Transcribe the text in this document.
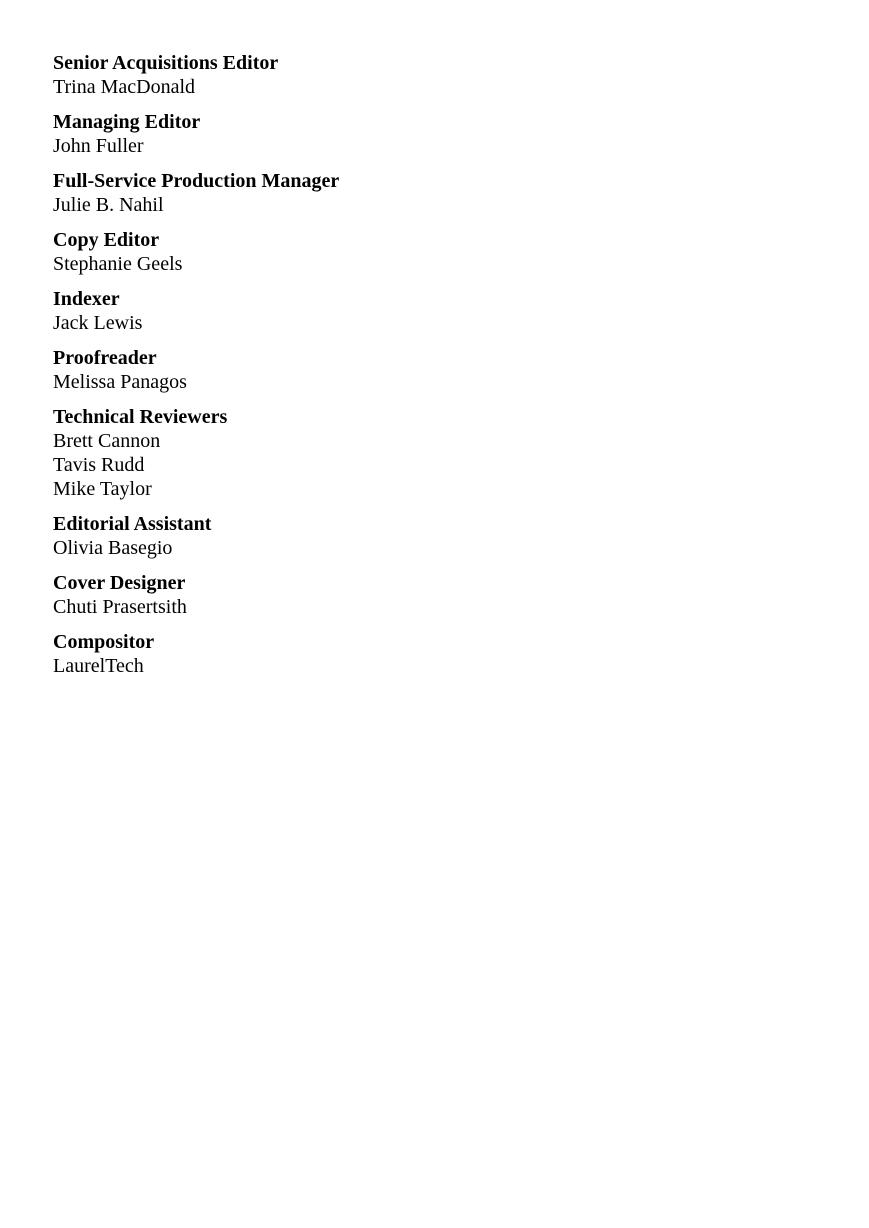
Senior Acquisitions Editor

Trina MacDonald

Managing Editor

John Fuller

Full-Service Production Manager

Julie B. Nahil

Copy Editor

Stephanie Geels

Indexer

Jack Lewis

Proofreader

Melissa Panagos

Technical Reviewers

Brett Cannon

Tavis Rudd

Mike Taylor

Editorial Assistant

Olivia Basegio

Cover Designer

Chuti Prasertsith

Compositor

LaurelTech
